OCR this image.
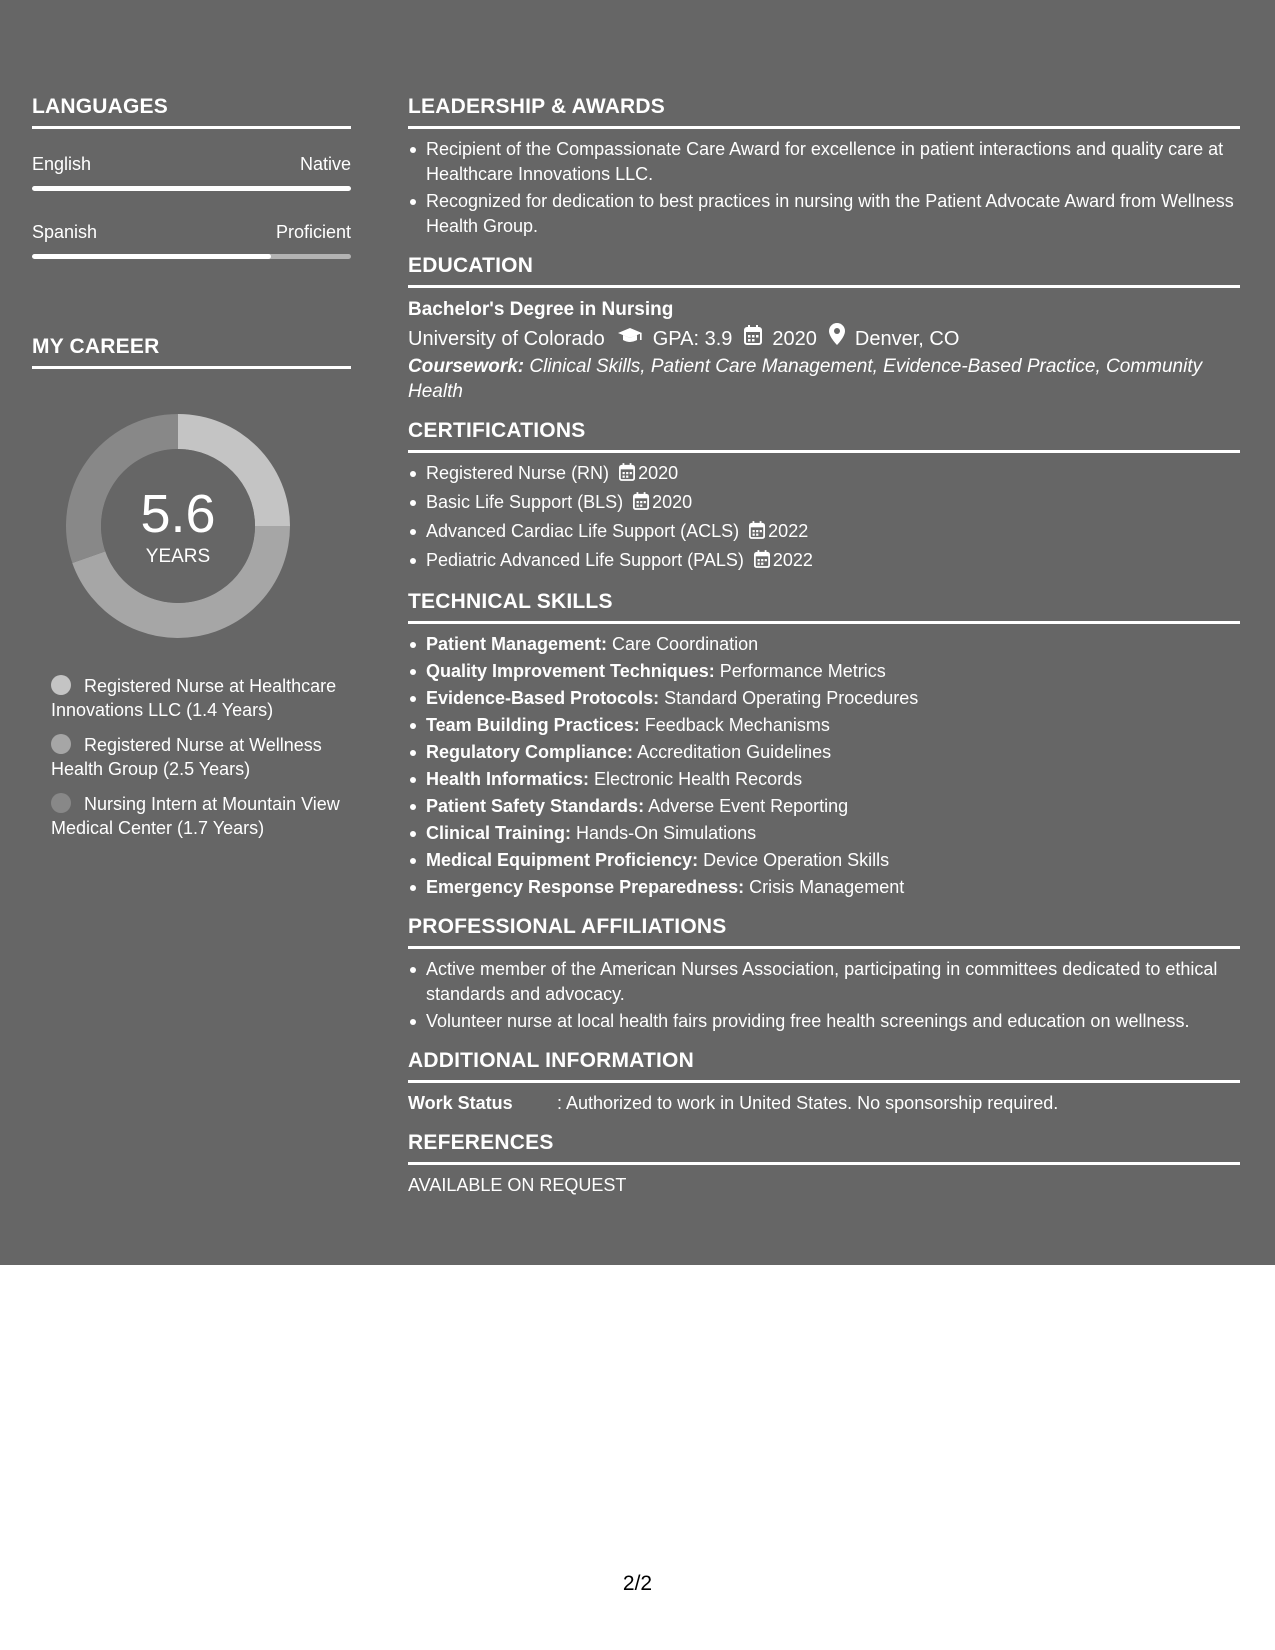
LANGUAGES
English	Native
Spanish	Proficient
MY CAREER
5.6
YEARS
Registered Nurse at Healthcare Innovations LLC (1.4 Years)
Registered Nurse at Wellness Health Group (2.5 Years)
Nursing Intern at Mountain View Medical Center (1.7 Years)
LEADERSHIP & AWARDS
Recipient of the Compassionate Care Award for excellence in patient interactions and quality care at Healthcare Innovations LLC.
Recognized for dedication to best practices in nursing with the Patient Advocate Award from Wellness Health Group.
EDUCATION
Bachelor's Degree in Nursing
University of Colorado GPA: 3.9 2020 Denver, CO
Coursework: Clinical Skills, Patient Care Management, Evidence-Based Practice, Community Health
CERTIFICATIONS
Registered Nurse (RN) 2020
Basic Life Support (BLS) 2020
Advanced Cardiac Life Support (ACLS) 2022
Pediatric Advanced Life Support (PALS) 2022
TECHNICAL SKILLS
Patient Management: Care Coordination
Quality Improvement Techniques: Performance Metrics
Evidence-Based Protocols: Standard Operating Procedures
Team Building Practices: Feedback Mechanisms
Regulatory Compliance: Accreditation Guidelines
Health Informatics: Electronic Health Records
Patient Safety Standards: Adverse Event Reporting
Clinical Training: Hands-On Simulations
Medical Equipment Proficiency: Device Operation Skills
Emergency Response Preparedness: Crisis Management
PROFESSIONAL AFFILIATIONS
Active member of the American Nurses Association, participating in committees dedicated to ethical standards and advocacy.
Volunteer nurse at local health fairs providing free health screenings and education on wellness.
ADDITIONAL INFORMATION
Work Status	: Authorized to work in United States. No sponsorship required.
REFERENCES
AVAILABLE ON REQUEST
2/2
